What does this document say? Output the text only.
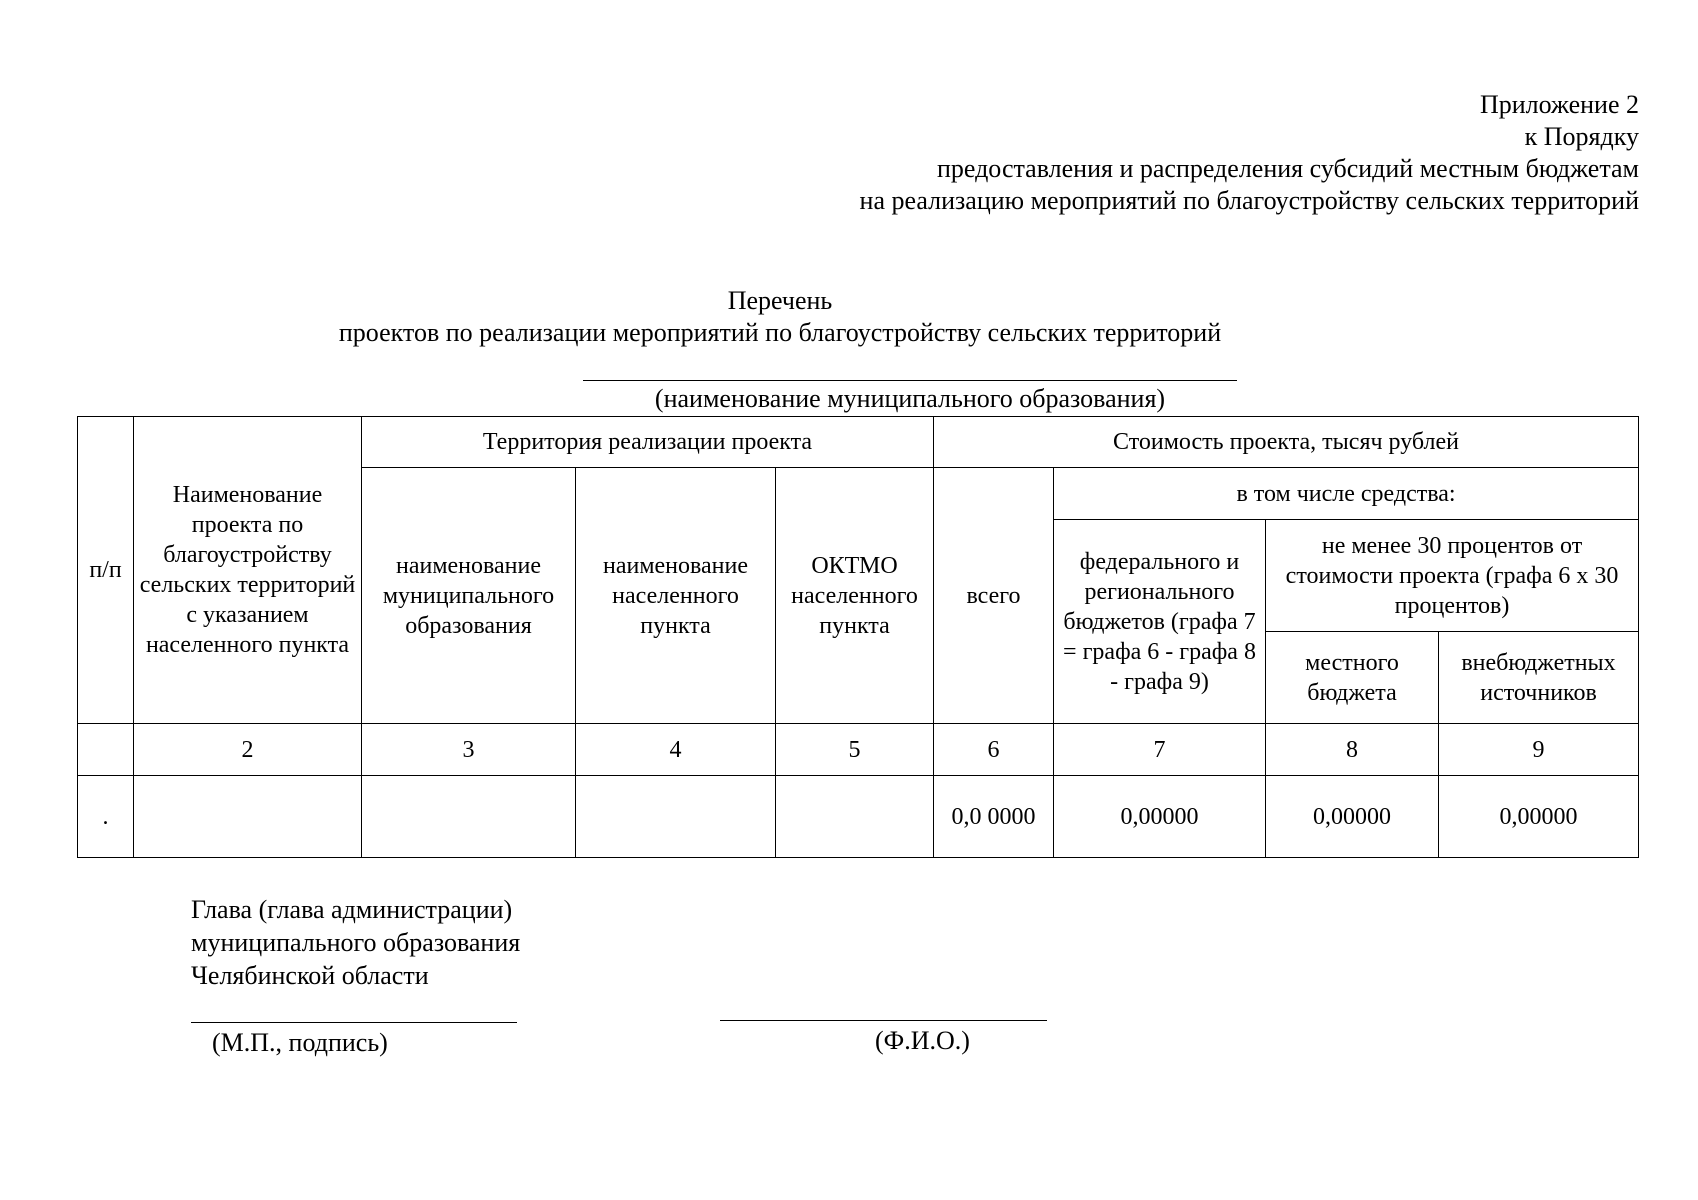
Приложение 2
к Порядку
предоставления и распределения субсидий местным бюджетам
на реализацию мероприятий по благоустройству сельских территорий
Перечень
проектов по реализации мероприятий по благоустройству сельских территорий
(наименование муниципального образования)
п/п	Наименование проекта по благоустройству сельских территорий с указанием населенного пункта	Территория реализации проекта			Стоимость проекта, тысяч рублей			
		наименование муниципального образования	наименование населенного пункта	ОКТМО населенного пункта	всего	в том числе средства:		
						федерального и регионального бюджетов (графа 7 = графа 6 - графа 8 - графа 9)	не менее 30 процентов от стоимости проекта (графа 6 х 30 процентов)	
							местного бюджета	внебюджетных источников
	2	3	4	5	6	7	8	9
.					0,0 0000	0,00000	0,00000	0,00000
Глава (глава администрации)
муниципального образования
Челябинской области
(М.П., подпись)	(Ф.И.О.)
